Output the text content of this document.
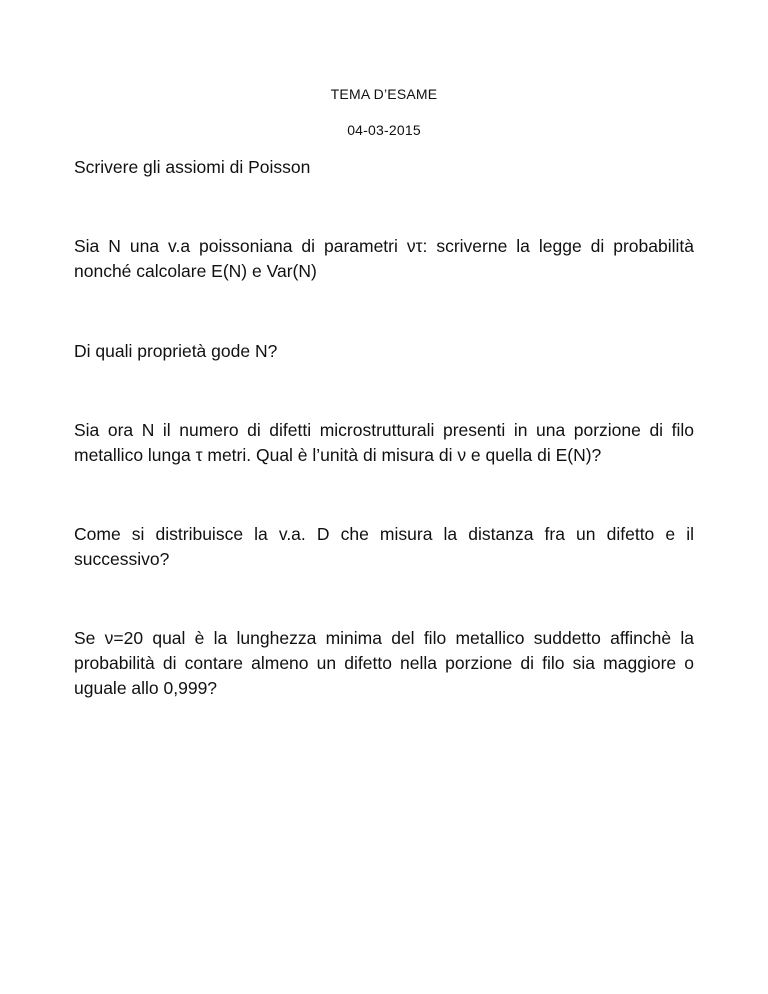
TEMA D’ESAME
04-03-2015
Scrivere gli assiomi di Poisson
Sia N una v.a poissoniana di parametri ντ: scriverne la legge di probabilità nonché calcolare E(N) e Var(N)
Di quali proprietà gode N?
Sia ora N il numero di difetti microstrutturali presenti in una porzione di filo metallico lunga τ metri. Qual è l’unità di misura di ν e quella di E(N)?
Come si distribuisce la v.a. D che misura la distanza fra un difetto e il successivo?
Se ν=20 qual è la lunghezza minima del filo metallico suddetto affinchè la probabilità di contare almeno un difetto nella porzione di filo sia maggiore o uguale allo 0,999?
